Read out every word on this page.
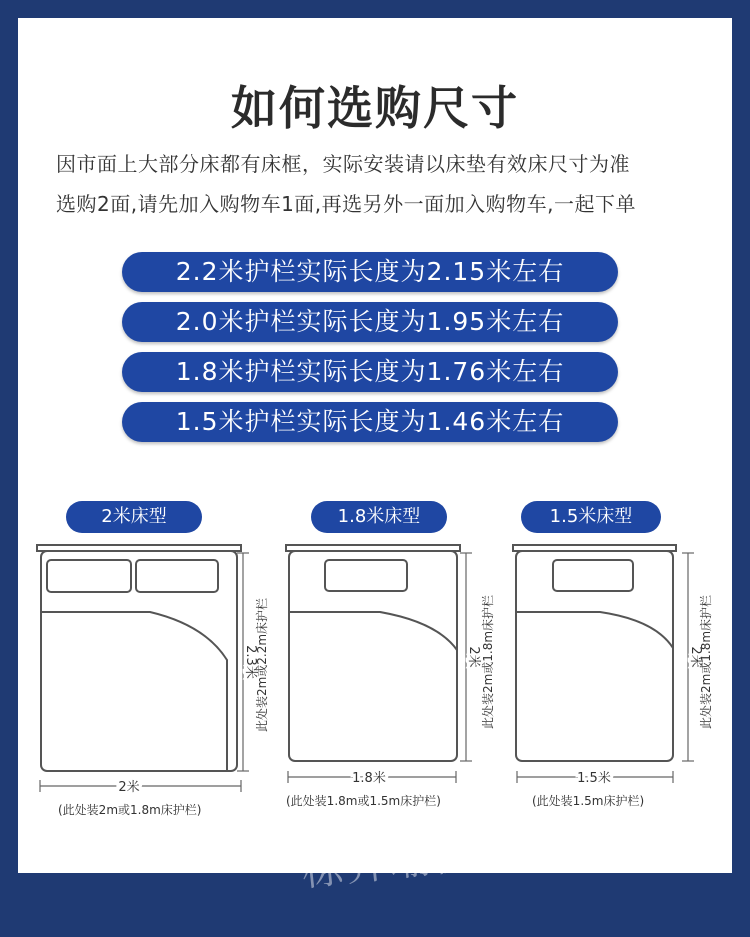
如何选购尺寸
因市面上大部分床都有床框，实际安装请以床垫有效床尺寸为准
选购2面,请先加入购物车1面,再选另外一面加入购物车,一起下单
2.2米护栏实际长度为2.15米左右
2.0米护栏实际长度为1.95米左右
1.8米护栏实际长度为1.76米左右
1.5米护栏实际长度为1.46米左右
2米床型	1.8米床型	1.5米床型
2米
1.8米	1.5米
2.3米	2米	2米
此处装2m或2.2m床护栏	此处装2m或1.8m床护栏	此处装2m或1.8m床护栏
(此处装2m或1.8m床护栏)
(此处装1.8m或1.5m床护栏)	(此处装1.5m床护栏)
棕奔瑜伽舞蹈专营店
